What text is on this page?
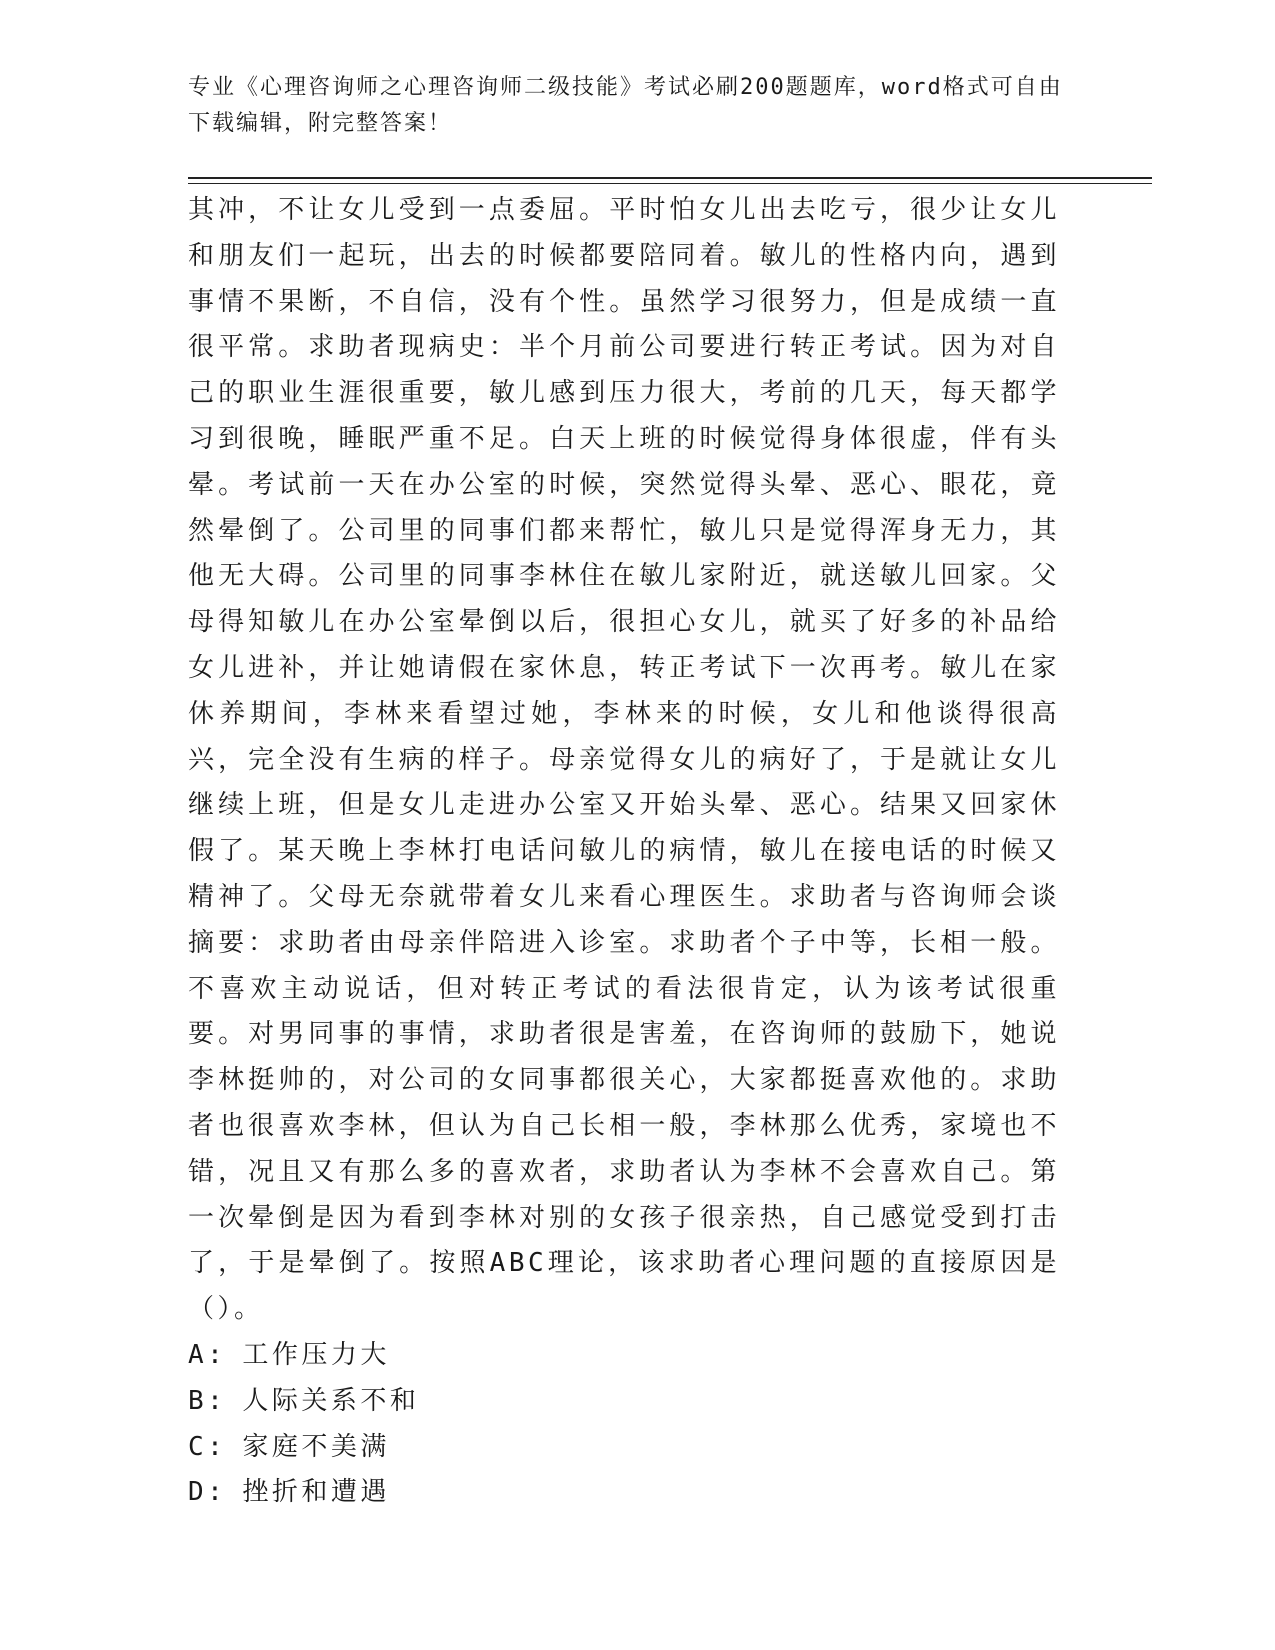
专业《心理咨询师之心理咨询师二级技能》考试必刷200题题库，word格式可自由下载编辑，附完整答案！

其冲，不让女儿受到一点委屈。平时怕女儿出去吃亏，很少让女儿和朋友们一起玩，出去的时候都要陪同着。敏儿的性格内向，遇到事情不果断，不自信，没有个性。虽然学习很努力，但是成绩一直很平常。求助者现病史：半个月前公司要进行转正考试。因为对自己的职业生涯很重要，敏儿感到压力很大，考前的几天，每天都学习到很晚，睡眠严重不足。白天上班的时候觉得身体很虚，伴有头晕。考试前一天在办公室的时候，突然觉得头晕、恶心、眼花，竟然晕倒了。公司里的同事们都来帮忙，敏儿只是觉得浑身无力，其他无大碍。公司里的同事李林住在敏儿家附近，就送敏儿回家。父母得知敏儿在办公室晕倒以后，很担心女儿，就买了好多的补品给女儿进补，并让她请假在家休息，转正考试下一次再考。敏儿在家休养期间，李林来看望过她，李林来的时候，女儿和他谈得很高兴，完全没有生病的样子。母亲觉得女儿的病好了，于是就让女儿继续上班，但是女儿走进办公室又开始头晕、恶心。结果又回家休假了。某天晚上李林打电话问敏儿的病情，敏儿在接电话的时候又精神了。父母无奈就带着女儿来看心理医生。求助者与咨询师会谈摘要：求助者由母亲伴陪进入诊室。求助者个子中等，长相一般。不喜欢主动说话，但对转正考试的看法很肯定，认为该考试很重要。对男同事的事情，求助者很是害羞，在咨询师的鼓励下，她说李林挺帅的，对公司的女同事都很关心，大家都挺喜欢他的。求助者也很喜欢李林，但认为自己长相一般，李林那么优秀，家境也不错，况且又有那么多的喜欢者，求助者认为李林不会喜欢自己。第一次晕倒是因为看到李林对别的女孩子很亲热，自己感觉受到打击了，于是晕倒了。按照ABC理论，该求助者心理问题的直接原因是（）。

A: 工作压力大
B: 人际关系不和
C: 家庭不美满
D: 挫折和遭遇
